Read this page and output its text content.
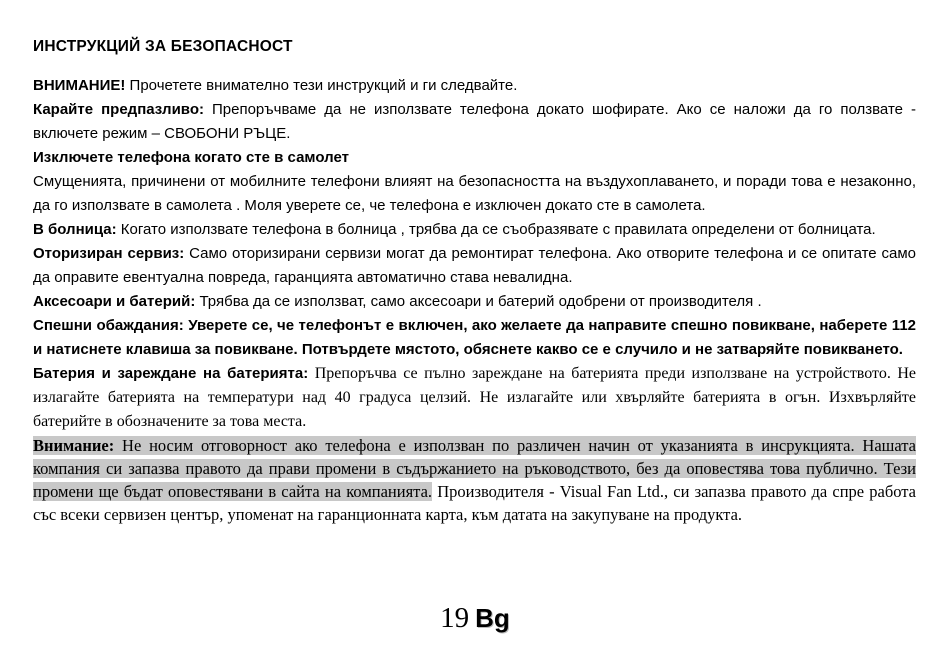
ИНСТРУКЦИЙ ЗА БЕЗОПАСНОСТ

ВНИМАНИЕ! Прочетете внимателно тези инструкций и ги следвайте.

Карайте предпазливо: Препоръчваме да не използвате телефона докато шофирате. Ако се наложи да го ползвате - включете режим – СВОБОНИ РЪЦЕ.

Изключете телефона когато сте в самолет

Смущенията, причинени от мобилните телефони влияят на безопасността на въздухоплаването, и поради това е незаконно, да го използвате в самолета . Моля уверете се, че телефона е изключен докато сте в самолета.

В болница: Когато използвате телефона в болница , трябва да се съобразявате с правилата определени от болницата.

Оторизиран сервиз: Само оторизирани сервизи могат да ремонтират телефона. Ако отворите телефона и се опитате само да оправите евентуална повреда, гаранцията автоматично става невалидна.

Аксесоари и батерий: Трябва да се използват, само аксесоари и батерий одобрени от производителя .

Спешни обаждания: Уверете се, че телефонът е включен, ако желаете да направите спешно повикване, наберете 112 и натиснете клавиша за повикване. Потвърдете мястото, обяснете какво се е случило и не затваряйте повикването.

Батерия и зареждане на батерията: Препоръчва се пълно зареждане на батерията преди използване на устройството. Не излагайте батерията на температури над 40 градуса целзий. Не излагайте или хвърляйте батерията в огън. Изхвърляйте батерийте в обозначените за това места.

Внимание: Не носим отговорност ако телефона е използван по различен начин от указанията в инсрукцията. Нашата компания си запазва правото да прави промени в съдържанието на ръководството, без да оповестява това публично. Тези промени ще бъдат оповестявани в сайта на компанията. Производителя - Visual Fan Ltd., си запазва правото да спре работа със всеки сервизен център, упоменат на гаранционната карта, към датата на закупуване на продукта.

19 Bg
